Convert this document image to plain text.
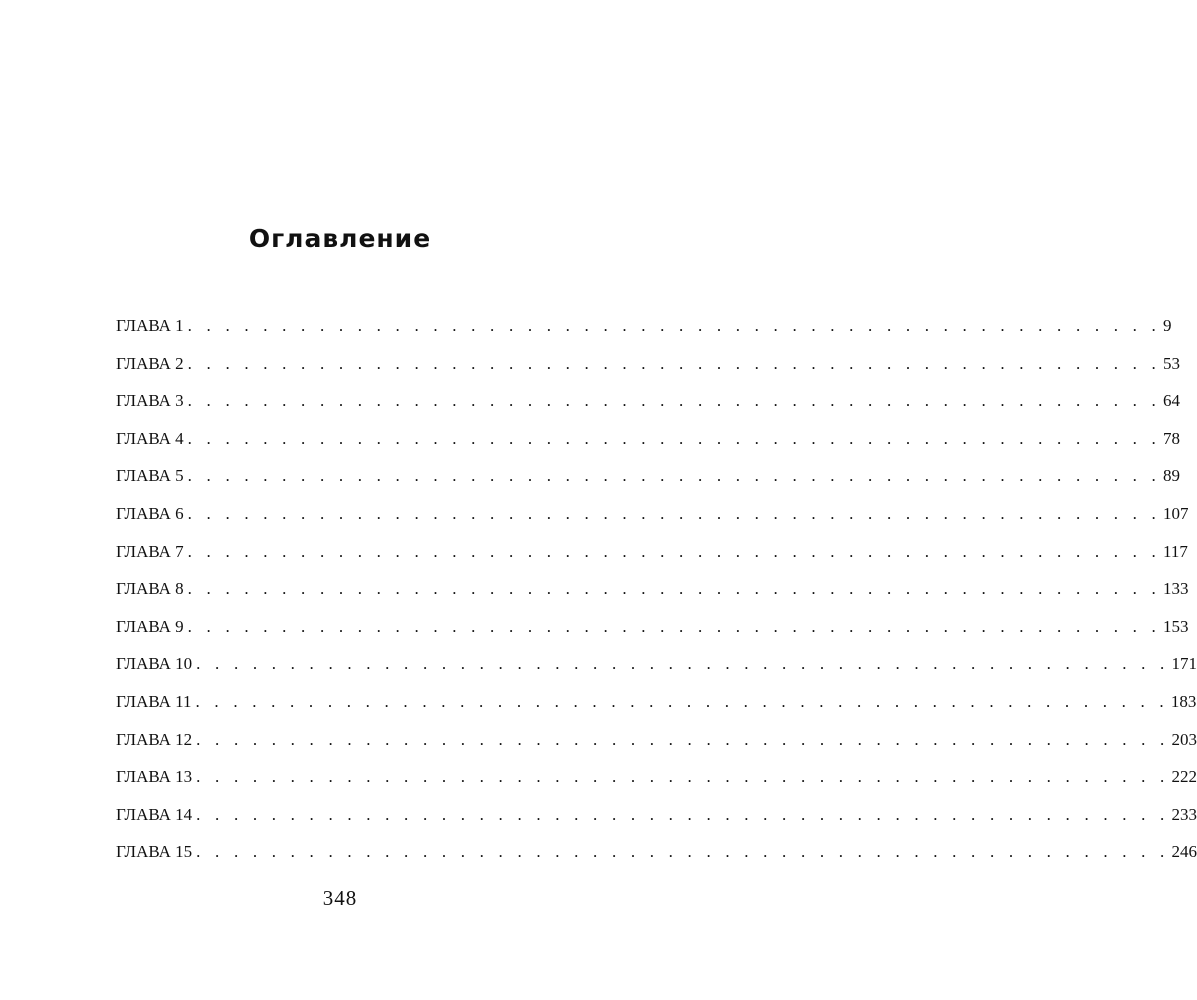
Оглавление
ГЛАВА 1 . . . . . . . . . . . . . . . . . . . . . . . . . . . . . . . . . . . . . . . . . . . . . . . . . . . . 9
ГЛАВА 2 . . . . . . . . . . . . . . . . . . . . . . . . . . . . . . . . . . . . . . . . . . . . . . . . . . . . 53
ГЛАВА 3 . . . . . . . . . . . . . . . . . . . . . . . . . . . . . . . . . . . . . . . . . . . . . . . . . . . . 64
ГЛАВА 4 . . . . . . . . . . . . . . . . . . . . . . . . . . . . . . . . . . . . . . . . . . . . . . . . . . . . 78
ГЛАВА 5 . . . . . . . . . . . . . . . . . . . . . . . . . . . . . . . . . . . . . . . . . . . . . . . . . . . . 89
ГЛАВА 6 . . . . . . . . . . . . . . . . . . . . . . . . . . . . . . . . . . . . . . . . . . . . . . . . . . . . 107
ГЛАВА 7 . . . . . . . . . . . . . . . . . . . . . . . . . . . . . . . . . . . . . . . . . . . . . . . . . . . . 117
ГЛАВА 8 . . . . . . . . . . . . . . . . . . . . . . . . . . . . . . . . . . . . . . . . . . . . . . . . . . . . 133
ГЛАВА 9 . . . . . . . . . . . . . . . . . . . . . . . . . . . . . . . . . . . . . . . . . . . . . . . . . . . . 153
ГЛАВА 10 . . . . . . . . . . . . . . . . . . . . . . . . . . . . . . . . . . . . . . . . . . . . . . . . . . . . 171
ГЛАВА 11 . . . . . . . . . . . . . . . . . . . . . . . . . . . . . . . . . . . . . . . . . . . . . . . . . . . . 183
ГЛАВА 12 . . . . . . . . . . . . . . . . . . . . . . . . . . . . . . . . . . . . . . . . . . . . . . . . . . . . 203
ГЛАВА 13 . . . . . . . . . . . . . . . . . . . . . . . . . . . . . . . . . . . . . . . . . . . . . . . . . . . . 222
ГЛАВА 14 . . . . . . . . . . . . . . . . . . . . . . . . . . . . . . . . . . . . . . . . . . . . . . . . . . . . 233
ГЛАВА 15 . . . . . . . . . . . . . . . . . . . . . . . . . . . . . . . . . . . . . . . . . . . . . . . . . . . . 246
348
